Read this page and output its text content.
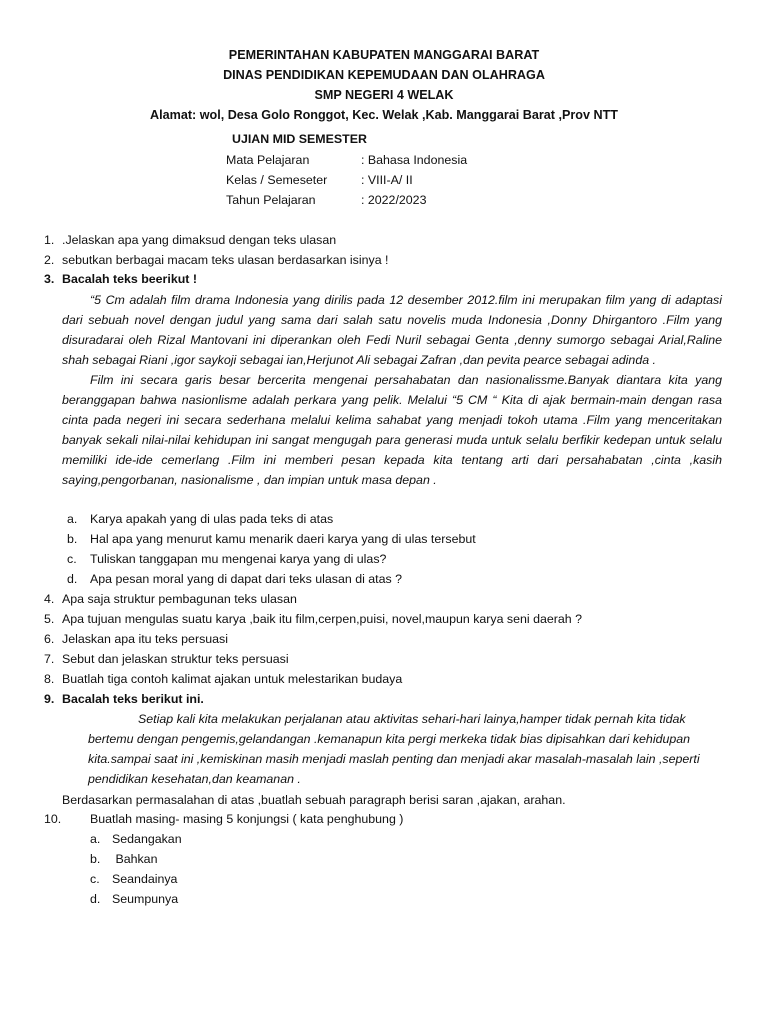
PEMERINTAHAN KABUPATEN MANGGARAI BARAT
DINAS PENDIDIKAN KEPEMUDAAN DAN OLAHRAGA
SMP NEGERI 4 WELAK
Alamat: wol, Desa Golo Ronggot, Kec. Welak ,Kab. Manggarai Barat ,Prov NTT
UJIAN MID SEMESTER
Mata Pelajaran	: Bahasa Indonesia
Kelas / Semeseter	: VIII-A/ II
Tahun Pelajaran	: 2022/2023
1. .Jelaskan apa yang dimaksud dengan teks ulasan
2. sebutkan berbagai macam teks ulasan berdasarkan isinya !
3. Bacalah teks beerikut !

“5 Cm adalah film drama Indonesia yang dirilis pada 12 desember 2012.film ini merupakan film yang di adaptasi dari sebuah novel dengan judul yang sama dari salah satu novelis muda Indonesia ,Donny Dhirgantoro .Film yang disuradarai oleh Rizal Mantovani ini diperankan oleh Fedi Nuril sebagai Genta ,denny sumorgo sebagai Arial,Raline shah sebagai Riani ,igor saykoji sebagai ian,Herjunot Ali sebagai Zafran ,dan pevita pearce sebagai adinda .

Film ini secara garis besar bercerita mengenai persahabatan dan nasionalissme.Banyak diantara kita yang beranggapan bahwa nasionlisme adalah perkara yang pelik. Melalui “5 CM “ Kita di ajak bermain-main dengan rasa cinta pada negeri ini secara sederhana melalui kelima sahabat yang menjadi tokoh utama .Film yang menceritakan banyak sekali nilai-nilai kehidupan ini sangat mengugah para generasi muda untuk selalu berfikir kedepan untuk selalu memiliki ide-ide cemerlang .Film ini memberi pesan kepada kita tentang arti dari persahabatan ,cinta ,kasih saying,pengorbanan, nasionalisme , dan impian untuk masa depan .

a. Karya apakah yang di ulas pada teks di atas
b. Hal apa yang menurut kamu menarik daeri karya yang di ulas tersebut
c. Tuliskan tanggapan mu mengenai karya yang di ulas?
d. Apa pesan moral yang di dapat dari teks ulasan di atas ?
4. Apa saja struktur pembagunan teks ulasan
5. Apa tujuan mengulas suatu karya ,baik itu film,cerpen,puisi, novel,maupun karya seni daerah ?
6. Jelaskan apa itu teks persuasi
7. Sebut dan jelaskan struktur teks persuasi
8. Buatlah tiga contoh kalimat ajakan untuk melestarikan budaya
9. Bacalah teks berikut ini.

Setiap kali kita melakukan perjalanan atau aktivitas sehari-hari lainya,hamper tidak pernah kita tidak bertemu dengan pengemis,gelandangan .kemanapun kita pergi merkeka tidak bias dipisahkan dari kehidupan kita.sampai saat ini ,kemiskinan masih menjadi maslah penting dan menjadi akar masalah-masalah lain ,seperti pendidikan kesehatan,dan keamanan .

Berdasarkan permasalahan di atas ,buatlah sebuah paragraph berisi saran ,ajakan, arahan.
10. Buatlah masing- masing 5 konjungsi ( kata penghubung )
a. Sedangakan
b. Bahkan
c. Seandainya
d. Seumpunya
